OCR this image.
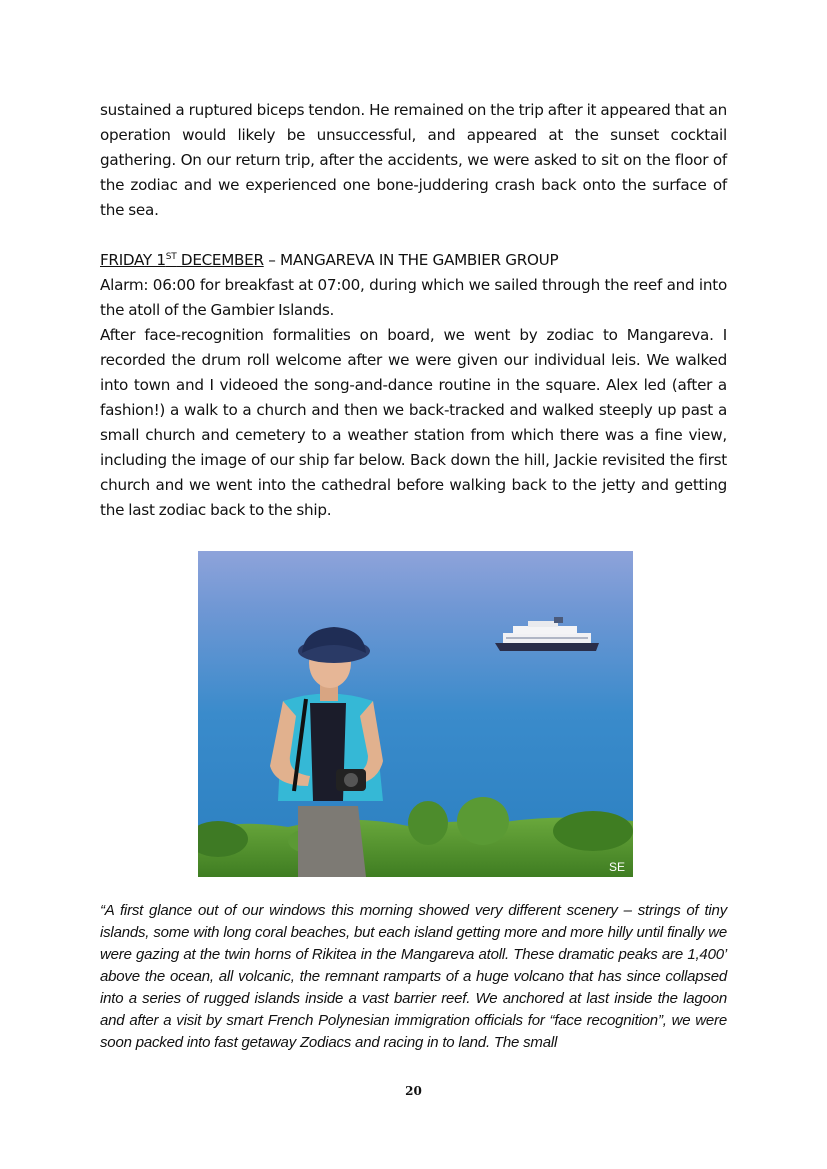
sustained a ruptured biceps tendon. He remained on the trip after it appeared that an operation would likely be unsuccessful, and appeared at the sunset cocktail gathering. On our return trip, after the accidents, we were asked to sit on the floor of the zodiac and we experienced one bone-juddering crash back onto the surface of the sea.

FRIDAY 1ST DECEMBER – MANGAREVA IN THE GAMBIER GROUP

Alarm: 06:00 for breakfast at 07:00, during which we sailed through the reef and into the atoll of the Gambier Islands.

After face-recognition formalities on board, we went by zodiac to Mangareva. I recorded the drum roll welcome after we were given our individual leis. We walked into town and I videoed the song-and-dance routine in the square. Alex led (after a fashion!) a walk to a church and then we back-tracked and walked steeply up past a small church and cemetery to a weather station from which there was a fine view, including the image of our ship far below. Back down the hill, Jackie revisited the first church and we went into the cathedral before walking back to the jetty and getting the last zodiac back to the ship.

SE

“A first glance out of our windows this morning showed very different scenery – strings of tiny islands, some with long coral beaches, but each island getting more and more hilly until finally we were gazing at the twin horns of Rikitea in the Mangareva atoll. These dramatic peaks are 1,400’ above the ocean, all volcanic, the remnant ramparts of a huge volcano that has since collapsed into a series of rugged islands inside a vast barrier reef. We anchored at last inside the lagoon and after a visit by smart French Polynesian immigration officials for “face recognition”, we were soon packed into fast getaway Zodiacs and racing in to land. The small

20
